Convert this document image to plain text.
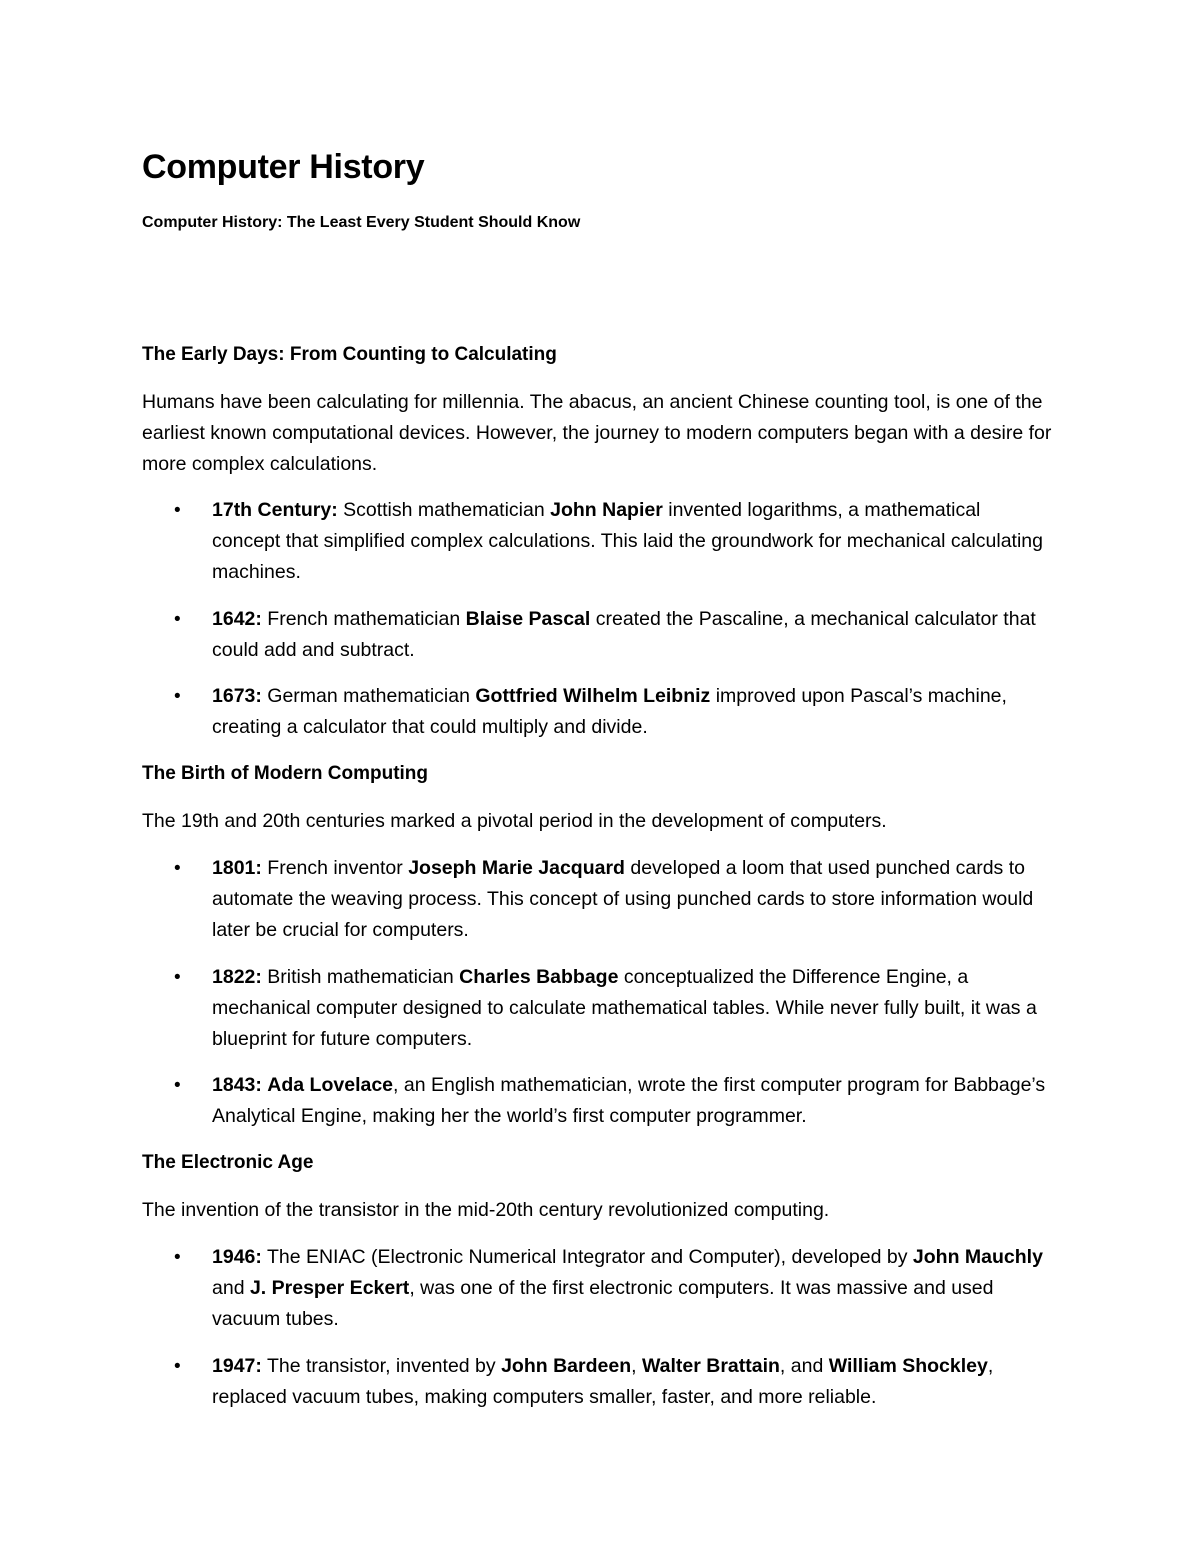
Computer History

Computer History: The Least Every Student Should Know

The Early Days: From Counting to Calculating

Humans have been calculating for millennia. The abacus, an ancient Chinese counting tool, is one of the earliest known computational devices. However, the journey to modern computers began with a desire for more complex calculations.

• 17th Century: Scottish mathematician John Napier invented logarithms, a mathematical concept that simplified complex calculations. This laid the groundwork for mechanical calculating machines.

• 1642: French mathematician Blaise Pascal created the Pascaline, a mechanical calculator that could add and subtract.

• 1673: German mathematician Gottfried Wilhelm Leibniz improved upon Pascal’s machine, creating a calculator that could multiply and divide.

The Birth of Modern Computing

The 19th and 20th centuries marked a pivotal period in the development of computers.

• 1801: French inventor Joseph Marie Jacquard developed a loom that used punched cards to automate the weaving process. This concept of using punched cards to store information would later be crucial for computers.

• 1822: British mathematician Charles Babbage conceptualized the Difference Engine, a mechanical computer designed to calculate mathematical tables. While never fully built, it was a blueprint for future computers.

• 1843: Ada Lovelace, an English mathematician, wrote the first computer program for Babbage’s Analytical Engine, making her the world’s first computer programmer.

The Electronic Age

The invention of the transistor in the mid-20th century revolutionized computing.

• 1946: The ENIAC (Electronic Numerical Integrator and Computer), developed by John Mauchly and J. Presper Eckert, was one of the first electronic computers. It was massive and used vacuum tubes.

• 1947: The transistor, invented by John Bardeen, Walter Brattain, and William Shockley, replaced vacuum tubes, making computers smaller, faster, and more reliable.
